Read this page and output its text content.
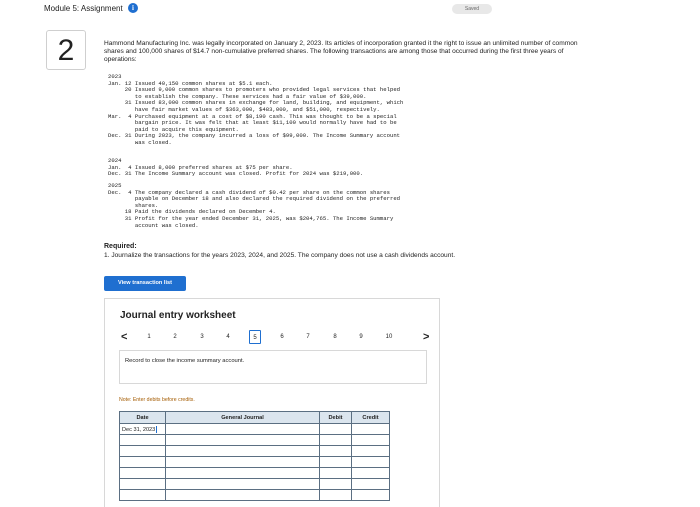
Module 5: Assignment	i	Saved
2	Hammond Manufacturing Inc. was legally incorporated on January 2, 2023. Its articles of incorporation granted it the right to issue an unlimited number of common shares and 100,000 shares of $14.7 non-cumulative preferred shares. The following transactions are among those that occurred during the first three years of operations:

2023
Jan. 12 Issued 40,150 common shares at $5.1 each.
20 Issued 9,000 common shares to promoters who provided legal services that helped
to establish the company. These services had a fair value of $39,000.
31 Issued 83,000 common shares in exchange for land, building, and equipment, which
have fair market values of $363,000, $483,000, and $51,000, respectively.
Mar.  4 Purchased equipment at a cost of $8,190 cash. This was thought to be a special
bargain price. It was felt that at least $11,100 would normally have had to be
paid to acquire this equipment.
Dec. 31 During 2023, the company incurred a loss of $99,000. The Income Summary account
was closed.
2024
Jan.  4 Issued 8,000 preferred shares at $75 per share.
Dec. 31 The Income Summary account was closed. Profit for 2024 was $219,000.
2025
Dec.  4 The company declared a cash dividend of $0.42 per share on the common shares
payable on December 18 and also declared the required dividend on the preferred
shares.
18 Paid the dividends declared on December 4.
31 Profit for the year ended December 31, 2025, was $204,765. The Income Summary
account was closed.
Required:
1. Journalize the transactions for the years 2023, 2024, and 2025. The company does not use a cash dividends account.
View transaction list
Journal entry worksheet
<	1	2	3	4	5	6	7	8	9	10	>
Record to close the income summary account.
Note: Enter debits before credits.
Date	General Journal	Debit	Credit
Dec 31, 2023			
